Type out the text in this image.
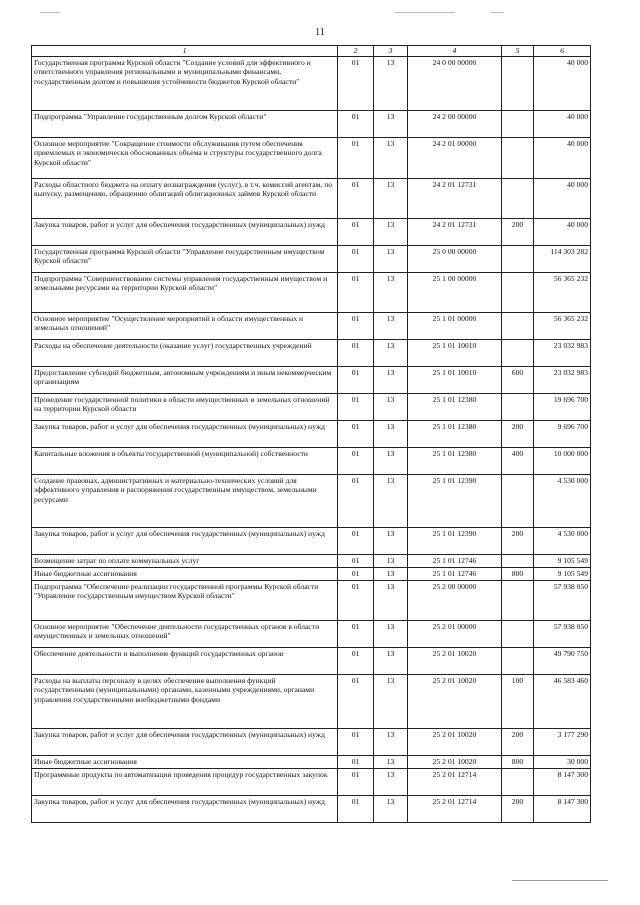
11
1	2	3	4	5	6
Государственная программа Курской области "Создание условий для эффективного и ответственного управления региональными и муниципальными финансами, государственным долгом и повышения устойчивости бюджетов Курской области"	01	13	24 0 00 00000		40 000
Подпрограмма "Управление государственным долгом Курской области"	01	13	24 2 00 00000		40 000
Основное мероприятие "Сокращение стоимости обслуживания путем обеспечения приемлемых и экономически обоснованных объема и структуры государственного долга Курской области"	01	13	24 2 01 00000		40 000
Расходы областного бюджета на оплату вознаграждения (услуг), в т.ч. комиссий агентам, по выпуску, размещению, обращению облигаций облигационных займов Курской области	01	13	24 2 01 12731		40 000
Закупка товаров, работ и услуг для обеспечения государственных (муниципальных) нужд	01	13	24 2 01 12731	200	40 000
Государственная программа Курской области "Управление государственным имуществом Курской области"	01	13	25 0 00 00000		114 303 282
Подпрограмма "Совершенствование системы управления государственным имуществом и земельными ресурсами на территории Курской области"	01	13	25 1 00 00000		56 365 232
Основное мероприятие "Осуществление мероприятий в области имущественных и земельных отношений"	01	13	25 1 01 00000		56 365 232
Расходы на обеспечение деятельности (оказание услуг) государственных учреждений	01	13	25 1 01 10010		23 032 983
Предоставление субсидий бюджетным, автономным учреждениям и иным некоммерческим организациям	01	13	25 1 01 10010	600	23 032 983
Проведение государственной политики в области имущественных и земельных отношений на территории Курской области	01	13	25 1 01 12380		19 696 700
Закупка товаров, работ и услуг для обеспечения государственных (муниципальных) нужд	01	13	25 1 01 12380	200	9 696 700
Капитальные вложения в объекты государственной (муниципальной) собственности	01	13	25 1 01 12380	400	10 000 000
Создание правовых, административных и материально-технических условий для эффективного управления и распоряжения государственным имуществом, земельными ресурсами	01	13	25 1 01 12390		4 530 000
Закупка товаров, работ и услуг для обеспечения государственных (муниципальных) нужд	01	13	25 1 01 12390	200	4 530 000
Возмещение затрат по оплате коммунальных услуг	01	13	25 1 01 12746		9 105 549
Иные бюджетные ассигнования	01	13	25 1 01 12746	800	9 105 549
Подпрограмма "Обеспечение реализации государственной программы Курской области "Управление государственным имуществом Курской области"	01	13	25 2 00 00000		57 938 050
Основное мероприятие "Обеспечение деятельности государственных органов в области имущественных и земельных отношений"	01	13	25 2 01 00000		57 938 050
Обеспечение деятельности и выполнение функций государственных органов	01	13	25 2 01 10020		49 790 750
Расходы на выплаты персоналу в целях обеспечения выполнения функций государственными (муниципальными) органами, казенными учреждениями, органами управления государственными внебюджетными фондами	01	13	25 2 01 10020	100	46 583 460
Закупка товаров, работ и услуг для обеспечения государственных (муниципальных) нужд	01	13	25 2 01 10020	200	3 177 290
Иные бюджетные ассигнования	01	13	25 2 01 10020	800	30 000
Программные продукты по автоматизации проведения процедур государственных закупок	01	13	25 2 01 12714		8 147 300
Закупка товаров, работ и услуг для обеспечения государственных (муниципальных) нужд	01	13	25 2 01 12714	200	8 147 300
